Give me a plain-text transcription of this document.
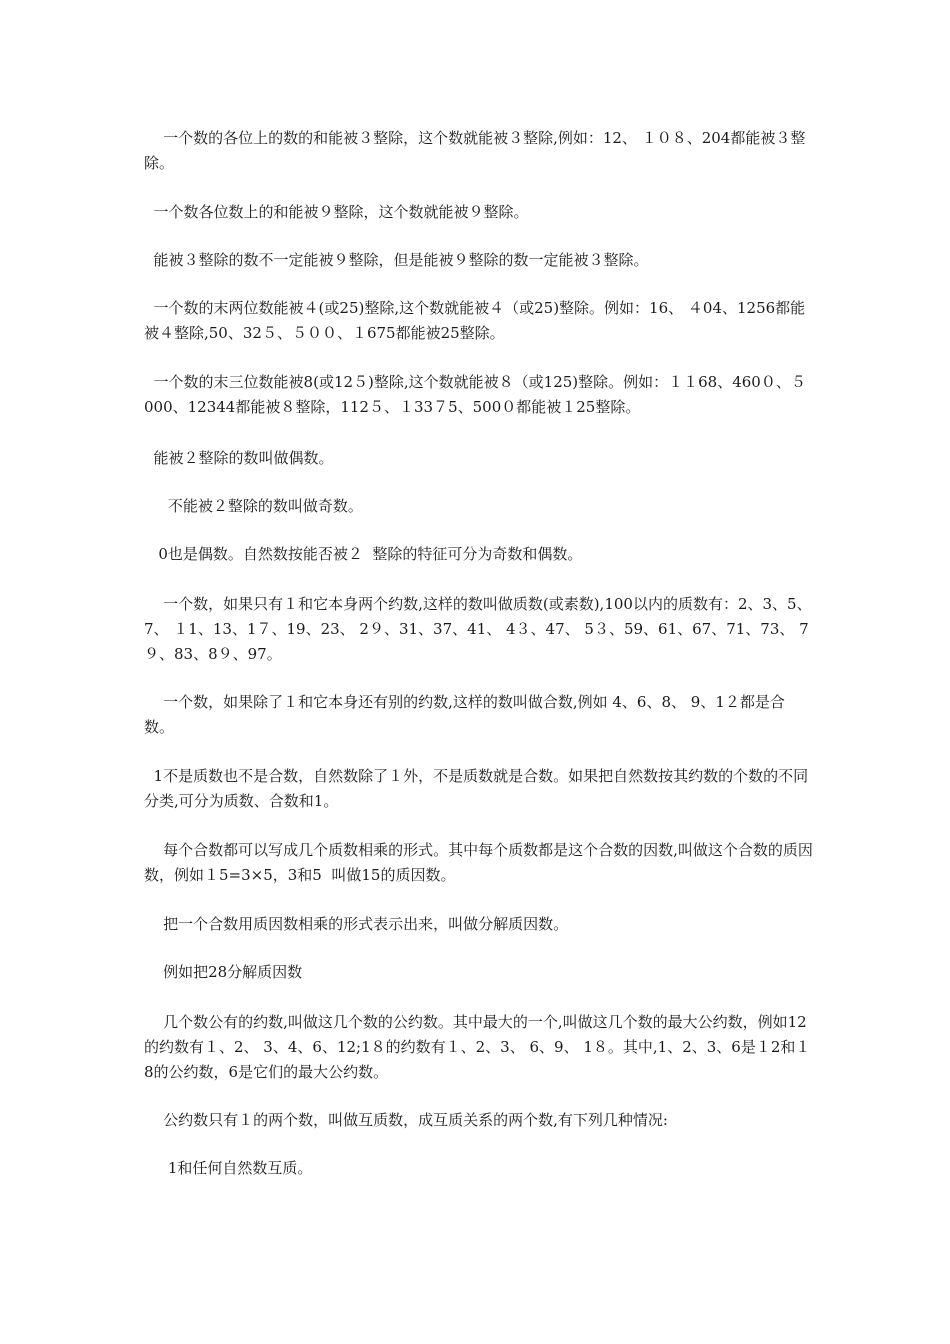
一个数的各位上的数的和能被３整除，这个数就能被３整除,例如：12、 １０８、204都能被３整除。

一个数各位数上的和能被９整除，这个数就能被９整除。

能被３整除的数不一定能被９整除，但是能被９整除的数一定能被３整除。

一个数的末两位数能被４(或25)整除,这个数就能被４（或25)整除。例如：16、 ４04、1256都能被４整除,50、32５、５００、１675都能被25整除。

一个数的末三位数能被8(或12５)整除,这个数就能被８（或125)整除。例如：１１68、460０、５000、12344都能被８整除，112５、１33７5、500０都能被１25整除。

能被２整除的数叫做偶数。

不能被２整除的数叫做奇数。

0也是偶数。自然数按能否被２  整除的特征可分为奇数和偶数。

一个数，如果只有１和它本身两个约数,这样的数叫做质数(或素数),100以内的质数有：2、3、5、 7、 １1、13、1７、19、23、 2９、31、37、41、 4３、47、 5３、59、61、67、71、73、 7９、83、8９、97。

一个数，如果除了１和它本身还有别的约数,这样的数叫做合数,例如 4、6、8、 9、1２都是合数。

1不是质数也不是合数，自然数除了１外，不是质数就是合数。如果把自然数按其约数的个数的不同分类,可分为质数、合数和1。

每个合数都可以写成几个质数相乘的形式。其中每个质数都是这个合数的因数,叫做这个合数的质因数，例如１5=3×5，3和5  叫做15的质因数。

把一个合数用质因数相乘的形式表示出来，叫做分解质因数。

例如把28分解质因数

几个数公有的约数,叫做这几个数的公约数。其中最大的一个,叫做这几个数的最大公约数，例如12的约数有１、2、 3、4、6、12;1８的约数有１、2、3、 6、9、 1８。其中,1、2、3、6是１2和１ 8的公约数，6是它们的最大公约数。

公约数只有１的两个数，叫做互质数，成互质关系的两个数,有下列几种情况:

1和任何自然数互质。
